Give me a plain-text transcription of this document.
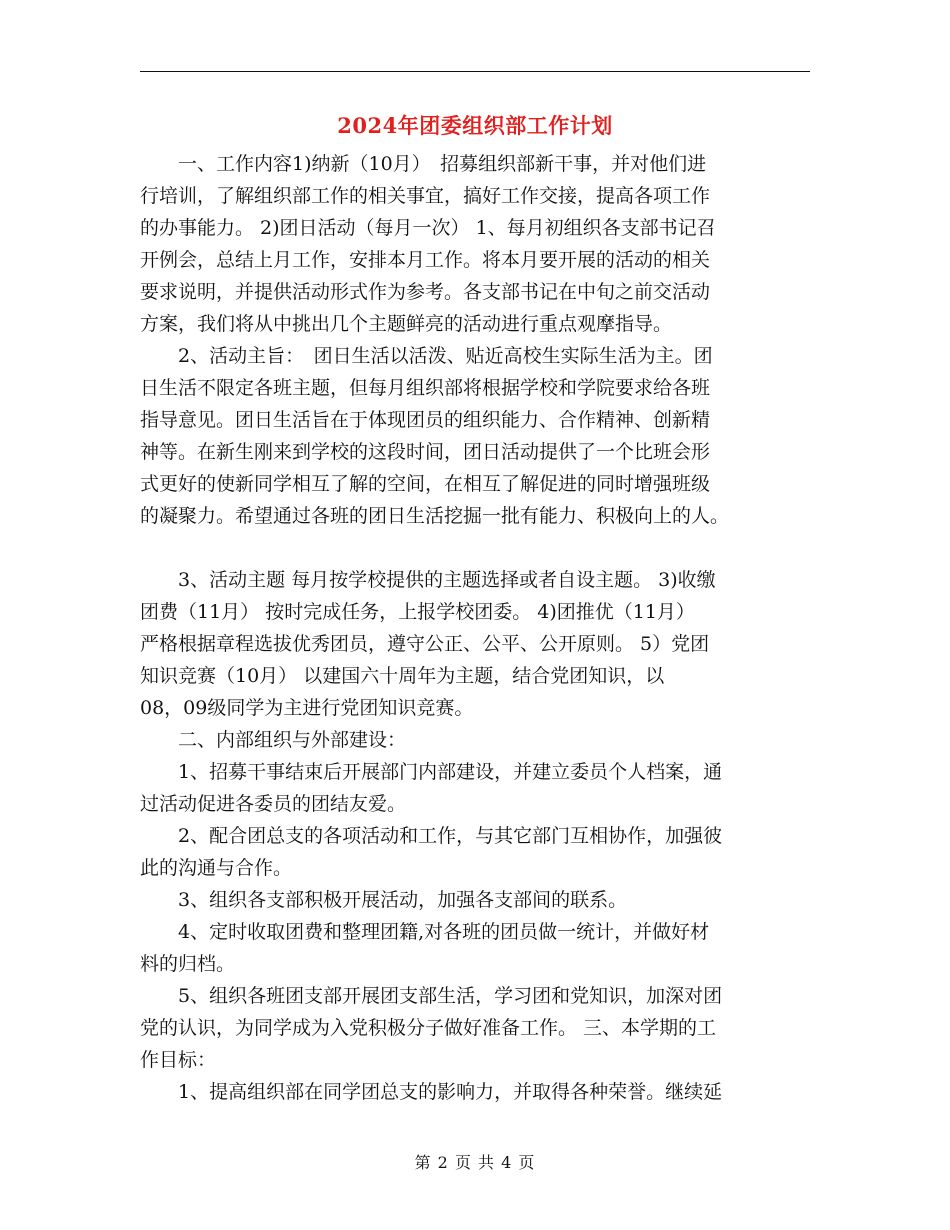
2024年团委组织部工作计划
　　一、工作内容1)纳新（10月）　招募组织部新干事，并对他们进
行培训，了解组织部工作的相关事宜，搞好工作交接，提高各项工作
的办事能力。 2)团日活动（每月一次） 1、每月初组织各支部书记召
开例会，总结上月工作，安排本月工作。将本月要开展的活动的相关
要求说明，并提供活动形式作为参考。各支部书记在中旬之前交活动
方案，我们将从中挑出几个主题鲜亮的活动进行重点观摩指导。
　　2、活动主旨：　团日生活以活泼、贴近高校生实际生活为主。团
日生活不限定各班主题，但每月组织部将根据学校和学院要求给各班
指导意见。团日生活旨在于体现团员的组织能力、合作精神、创新精
神等。在新生刚来到学校的这段时间，团日活动提供了一个比班会形
式更好的使新同学相互了解的空间，在相互了解促进的同时增强班级
的凝聚力。希望通过各班的团日生活挖掘一批有能力、积极向上的人。
　　3、活动主题 每月按学校提供的主题选择或者自设主题。 3)收缴
团费（11月） 按时完成任务，上报学校团委。 4)团推优（11月）
严格根据章程选拔优秀团员，遵守公正、公平、公开原则。 5）党团
知识竞赛（10月） 以建国六十周年为主题，结合党团知识，以
08，09级同学为主进行党团知识竞赛。
　　二、内部组织与外部建设：
　　1、招募干事结束后开展部门内部建设，并建立委员个人档案，通
过活动促进各委员的团结友爱。
　　2、配合团总支的各项活动和工作，与其它部门互相协作，加强彼
此的沟通与合作。
　　3、组织各支部积极开展活动，加强各支部间的联系。
　　4、定时收取团费和整理团籍,对各班的团员做一统计，并做好材
料的归档。
　　5、组织各班团支部开展团支部生活，学习团和党知识，加深对团
党的认识，为同学成为入党积极分子做好准备工作。 三、本学期的工
作目标：
　　1、提高组织部在同学团总支的影响力，并取得各种荣誉。继续延
第 2 页 共 4 页
